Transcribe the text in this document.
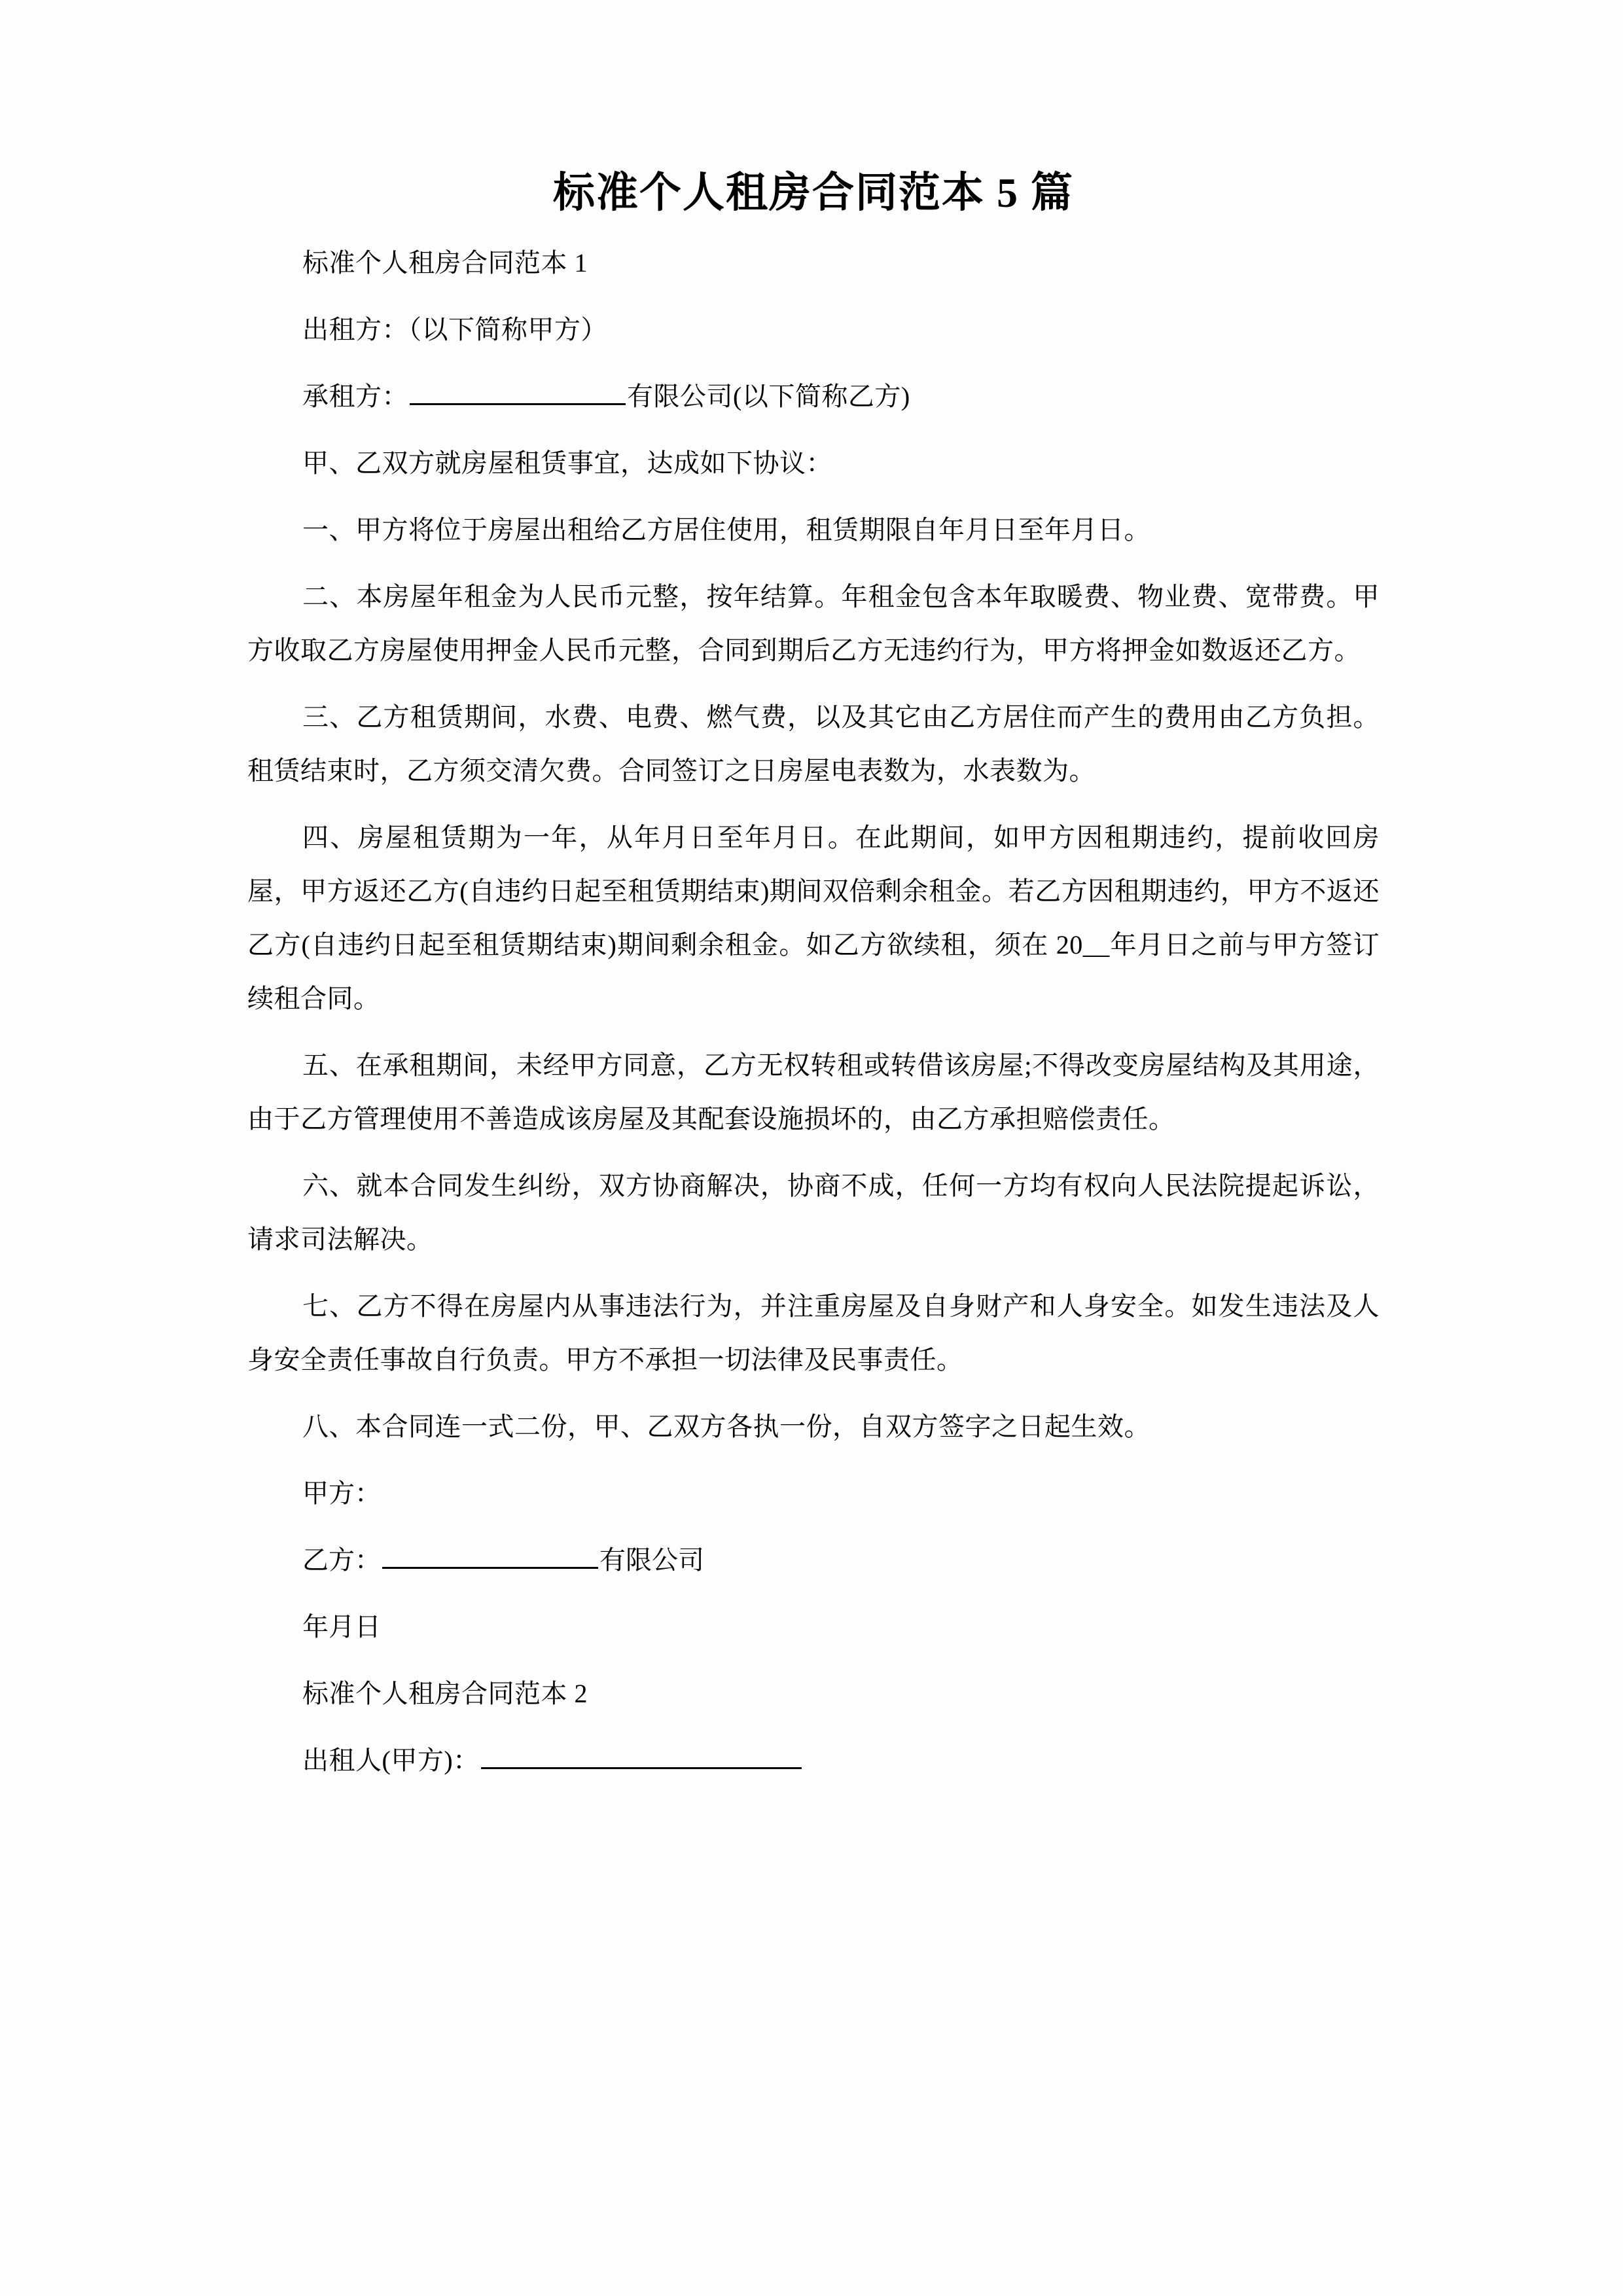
标准个人租房合同范本 5 篇

标准个人租房合同范本 1

出租方：（以下简称甲方）

承租方：	有限公司(以下简称乙方)

甲、乙双方就房屋租赁事宜，达成如下协议：

一、甲方将位于房屋出租给乙方居住使用，租赁期限自年月日至年月日。

二、本房屋年租金为人民币元整，按年结算。年租金包含本年取暖费、物业费、宽带费。甲方收取乙方房屋使用押金人民币元整，合同到期后乙方无违约行为，甲方将押金如数返还乙方。

三、乙方租赁期间，水费、电费、燃气费，以及其它由乙方居住而产生的费用由乙方负担。租赁结束时，乙方须交清欠费。合同签订之日房屋电表数为，水表数为。

四、房屋租赁期为一年，从年月日至年月日。在此期间，如甲方因租期违约，提前收回房屋，甲方返还乙方(自违约日起至租赁期结束)期间双倍剩余租金。若乙方因租期违约，甲方不返还乙方(自违约日起至租赁期结束)期间剩余租金。如乙方欲续租，须在 20__年月日之前与甲方签订续租合同。

五、在承租期间，未经甲方同意，乙方无权转租或转借该房屋;不得改变房屋结构及其用途，由于乙方管理使用不善造成该房屋及其配套设施损坏的，由乙方承担赔偿责任。

六、就本合同发生纠纷，双方协商解决，协商不成，任何一方均有权向人民法院提起诉讼，请求司法解决。

七、乙方不得在房屋内从事违法行为，并注重房屋及自身财产和人身安全。如发生违法及人身安全责任事故自行负责。甲方不承担一切法律及民事责任。

八、本合同连一式二份，甲、乙双方各执一份，自双方签字之日起生效。

甲方：

乙方：	有限公司

年月日

标准个人租房合同范本 2

出租人(甲方)：
